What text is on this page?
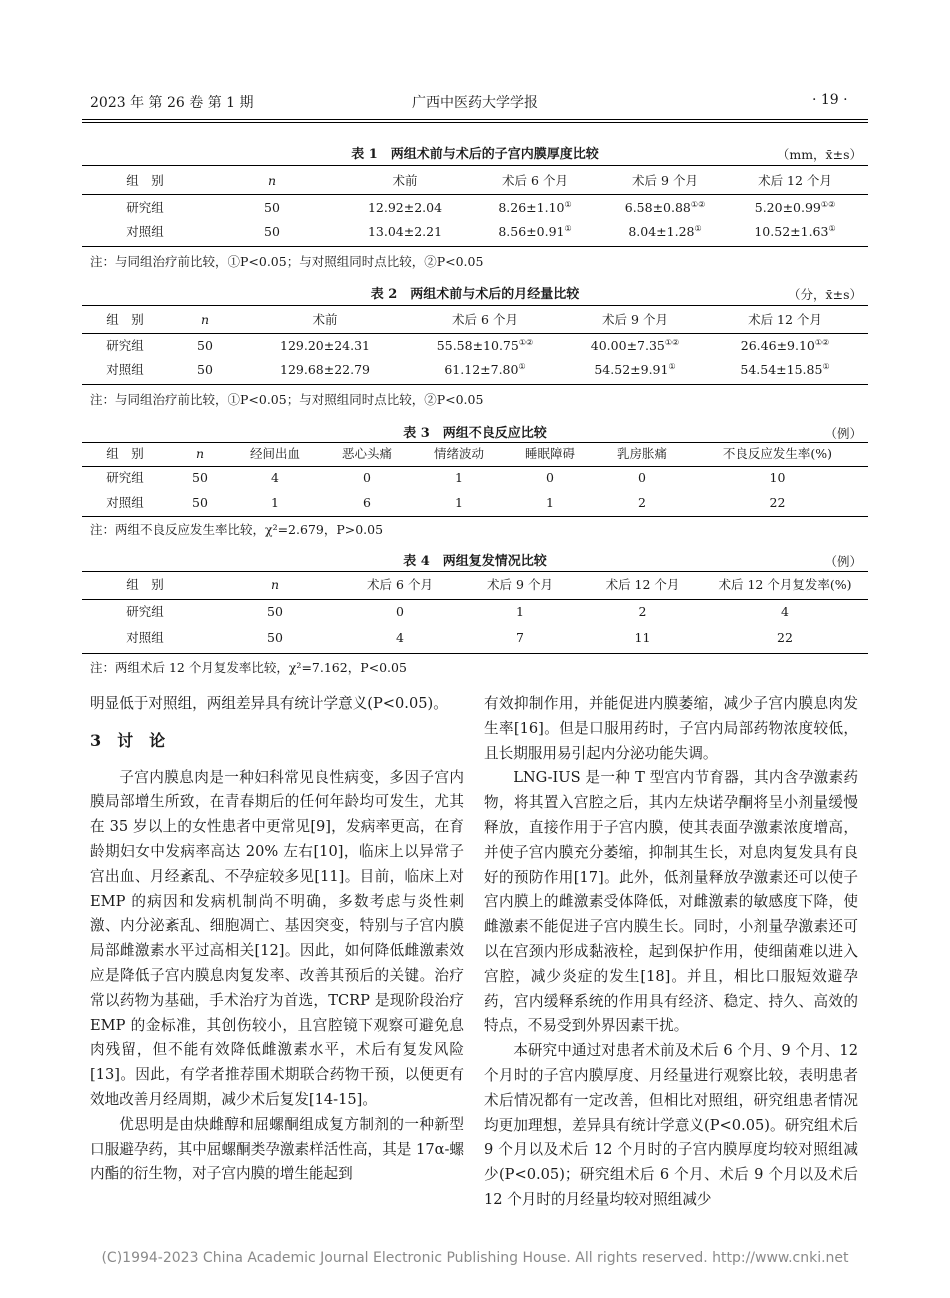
2023 年 第 26 卷 第 1 期	广西中医药大学学报	· 19 ·
表 1　两组术前与术后的子宫内膜厚度比较	（mm，x̄±s）
组　别	n	术前	术后 6 个月	术后 9 个月	术后 12 个月
研究组	50	12.92±2.04	8.26±1.10①	6.58±0.88①②	5.20±0.99①②
对照组	50	13.04±2.21	8.56±0.91①	8.04±1.28①	10.52±1.63①
注：与同组治疗前比较，①P<0.05；与对照组同时点比较，②P<0.05
表 2　两组术前与术后的月经量比较	（分，x̄±s）
组　别	n	术前	术后 6 个月	术后 9 个月	术后 12 个月
研究组	50	129.20±24.31	55.58±10.75①②	40.00±7.35①②	26.46±9.10①②
对照组	50	129.68±22.79	61.12±7.80①	54.52±9.91①	54.54±15.85①
注：与同组治疗前比较，①P<0.05；与对照组同时点比较，②P<0.05
表 3　两组不良反应比较	（例）
组　别	n	经间出血	恶心头痛	情绪波动	睡眠障碍	乳房胀痛	不良反应发生率(%)
研究组	50	4	0	1	0	0	10
对照组	50	1	6	1	1	2	22
注：两组不良反应发生率比较，χ²=2.679，P>0.05
表 4　两组复发情况比较	（例）
组　别	n	术后 6 个月	术后 9 个月	术后 12 个月	术后 12 个月复发率(%)
研究组	50	0	1	2	4
对照组	50	4	7	11	22
注：两组术后 12 个月复发率比较，χ²=7.162，P<0.05

明显低于对照组，两组差异具有统计学意义(P<0.05)。

3　讨　论

子宫内膜息肉是一种妇科常见良性病变，多因子宫内膜局部增生所致，在青春期后的任何年龄均可发生，尤其在 35 岁以上的女性患者中更常见[9]，发病率更高，在育龄期妇女中发病率高达 20% 左右[10]，临床上以异常子宫出血、月经紊乱、不孕症较多见[11]。目前，临床上对 EMP 的病因和发病机制尚不明确，多数考虑与炎性刺激、内分泌紊乱、细胞凋亡、基因突变，特别与子宫内膜局部雌激素水平过高相关[12]。因此，如何降低雌激素效应是降低子宫内膜息肉复发率、改善其预后的关键。治疗常以药物为基础，手术治疗为首选，TCRP 是现阶段治疗 EMP 的金标准，其创伤较小，且宫腔镜下观察可避免息肉残留，但不能有效降低雌激素水平，术后有复发风险[13]。因此，有学者推荐围术期联合药物干预，以便更有效地改善月经周期，减少术后复发[14-15]。

优思明是由炔雌醇和屈螺酮组成复方制剂的一种新型口服避孕药，其中屈螺酮类孕激素样活性高，其是 17α-螺内酯的衍生物，对子宫内膜的增生能起到

有效抑制作用，并能促进内膜萎缩，减少子宫内膜息肉发生率[16]。但是口服用药时，子宫内局部药物浓度较低，且长期服用易引起内分泌功能失调。

LNG-IUS 是一种 T 型宫内节育器，其内含孕激素药物，将其置入宫腔之后，其内左炔诺孕酮将呈小剂量缓慢释放，直接作用于子宫内膜，使其表面孕激素浓度增高，并使子宫内膜充分萎缩，抑制其生长，对息肉复发具有良好的预防作用[17]。此外，低剂量释放孕激素还可以使子宫内膜上的雌激素受体降低，对雌激素的敏感度下降，使雌激素不能促进子宫内膜生长。同时，小剂量孕激素还可以在宫颈内形成黏液栓，起到保护作用，使细菌难以进入宫腔，减少炎症的发生[18]。并且，相比口服短效避孕药，宫内缓释系统的作用具有经济、稳定、持久、高效的特点，不易受到外界因素干扰。

本研究中通过对患者术前及术后 6 个月、9 个月、12 个月时的子宫内膜厚度、月经量进行观察比较，表明患者术后情况都有一定改善，但相比对照组，研究组患者情况均更加理想，差异具有统计学意义(P<0.05)。研究组术后 9 个月以及术后 12 个月时的子宫内膜厚度均较对照组减少(P<0.05)；研究组术后 6 个月、术后 9 个月以及术后 12 个月时的月经量均较对照组减少

(C)1994-2023 China Academic Journal Electronic Publishing House. All rights reserved. http://www.cnki.net
